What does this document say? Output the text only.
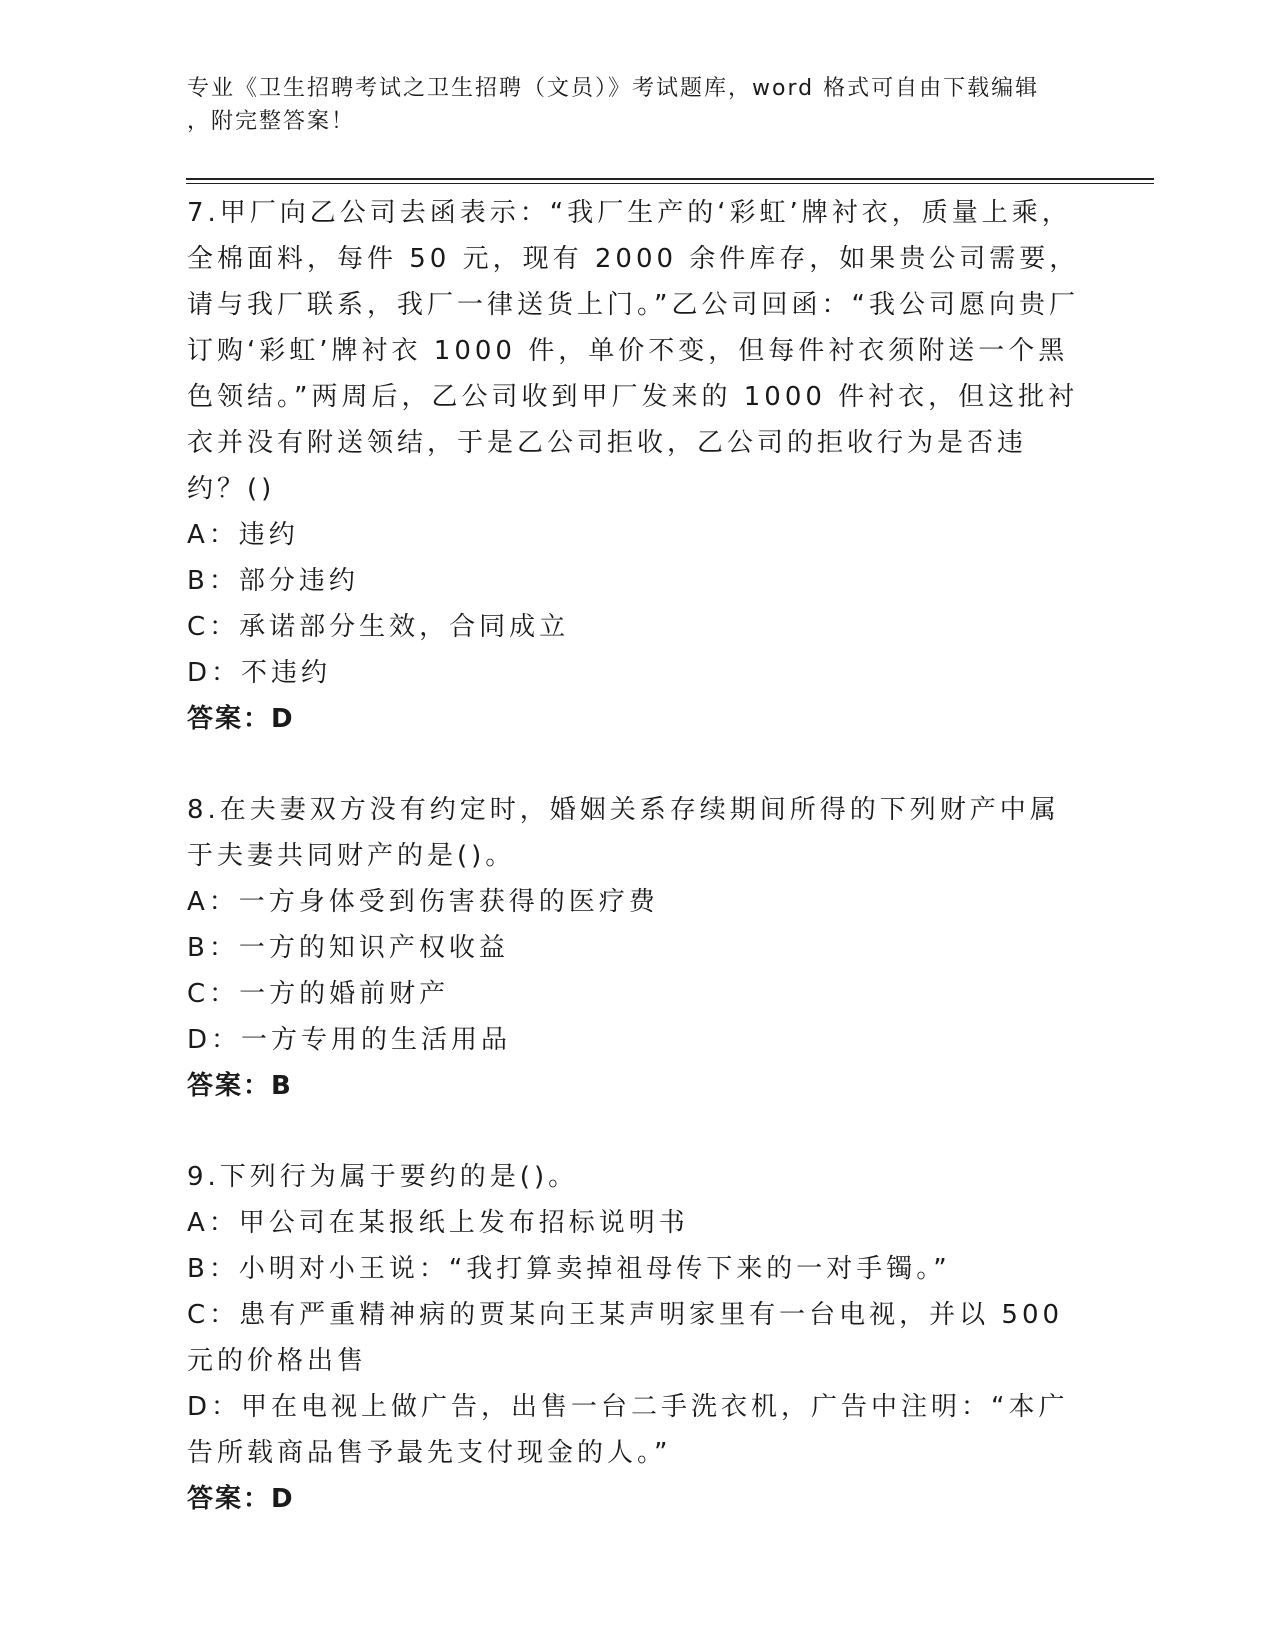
专业《卫生招聘考试之卫生招聘（文员）》考试题库，word 格式可自由下载编辑
，附完整答案！

7.甲厂向乙公司去函表示：“我厂生产的‘彩虹’牌衬衣，质量上乘，全棉面料，每件 50 元，现有 2000 余件库存，如果贵公司需要，请与我厂联系，我厂一律送货上门。”乙公司回函：“我公司愿向贵厂订购‘彩虹’牌衬衣 1000 件，单价不变，但每件衬衣须附送一个黑色领结。”两周后，乙公司收到甲厂发来的 1000 件衬衣，但这批衬衣并没有附送领结，于是乙公司拒收，乙公司的拒收行为是否违约？()

A：违约

B：部分违约

C：承诺部分生效，合同成立

D：不违约

答案：D

8.在夫妻双方没有约定时，婚姻关系存续期间所得的下列财产中属于夫妻共同财产的是()。

A：一方身体受到伤害获得的医疗费

B：一方的知识产权收益

C：一方的婚前财产

D：一方专用的生活用品

答案：B

9.下列行为属于要约的是()。

A：甲公司在某报纸上发布招标说明书

B：小明对小王说：“我打算卖掉祖母传下来的一对手镯。”

C：患有严重精神病的贾某向王某声明家里有一台电视，并以 500 元的价格出售

D：甲在电视上做广告，出售一台二手洗衣机，广告中注明：“本广告所载商品售予最先支付现金的人。”

答案：D
